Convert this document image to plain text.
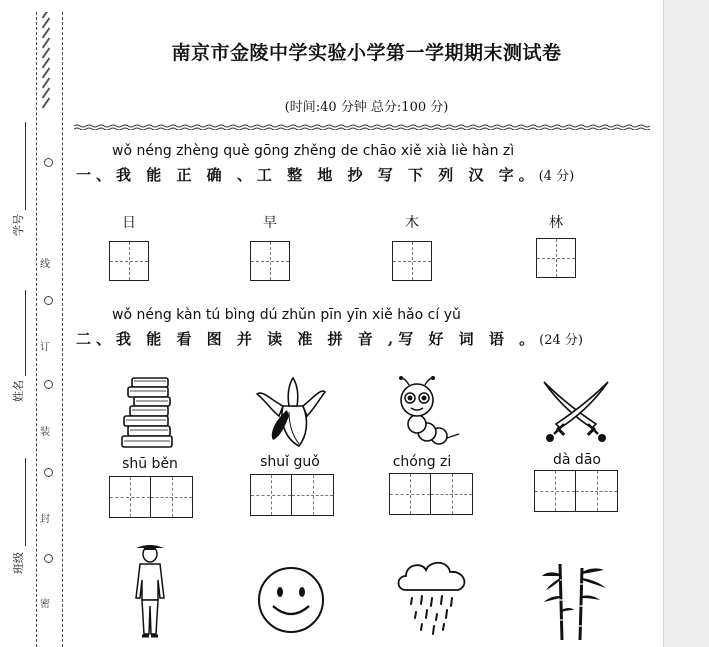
线
订
装
封
密
学号
姓名
班级
南京市金陵中学实验小学第一学期期末测试卷
(时间:40 分钟 总分:100 分)
wǒ néng zhèng què gōng zhěng de chāo xiě xià liè hàn zì
一、我 能 正 确 、工 整 地 抄 写 下 列 汉 字。(4 分)
日	早	木	林
wǒ néng kàn tú bìng dú zhǔn pīn yīn xiě hǎo cí yǔ
二、我 能 看 图 并 读 准 拼 音 ,写 好 词 语 。(24 分)
shū běn	shuǐ guǒ	chóng zi	dà dāo
